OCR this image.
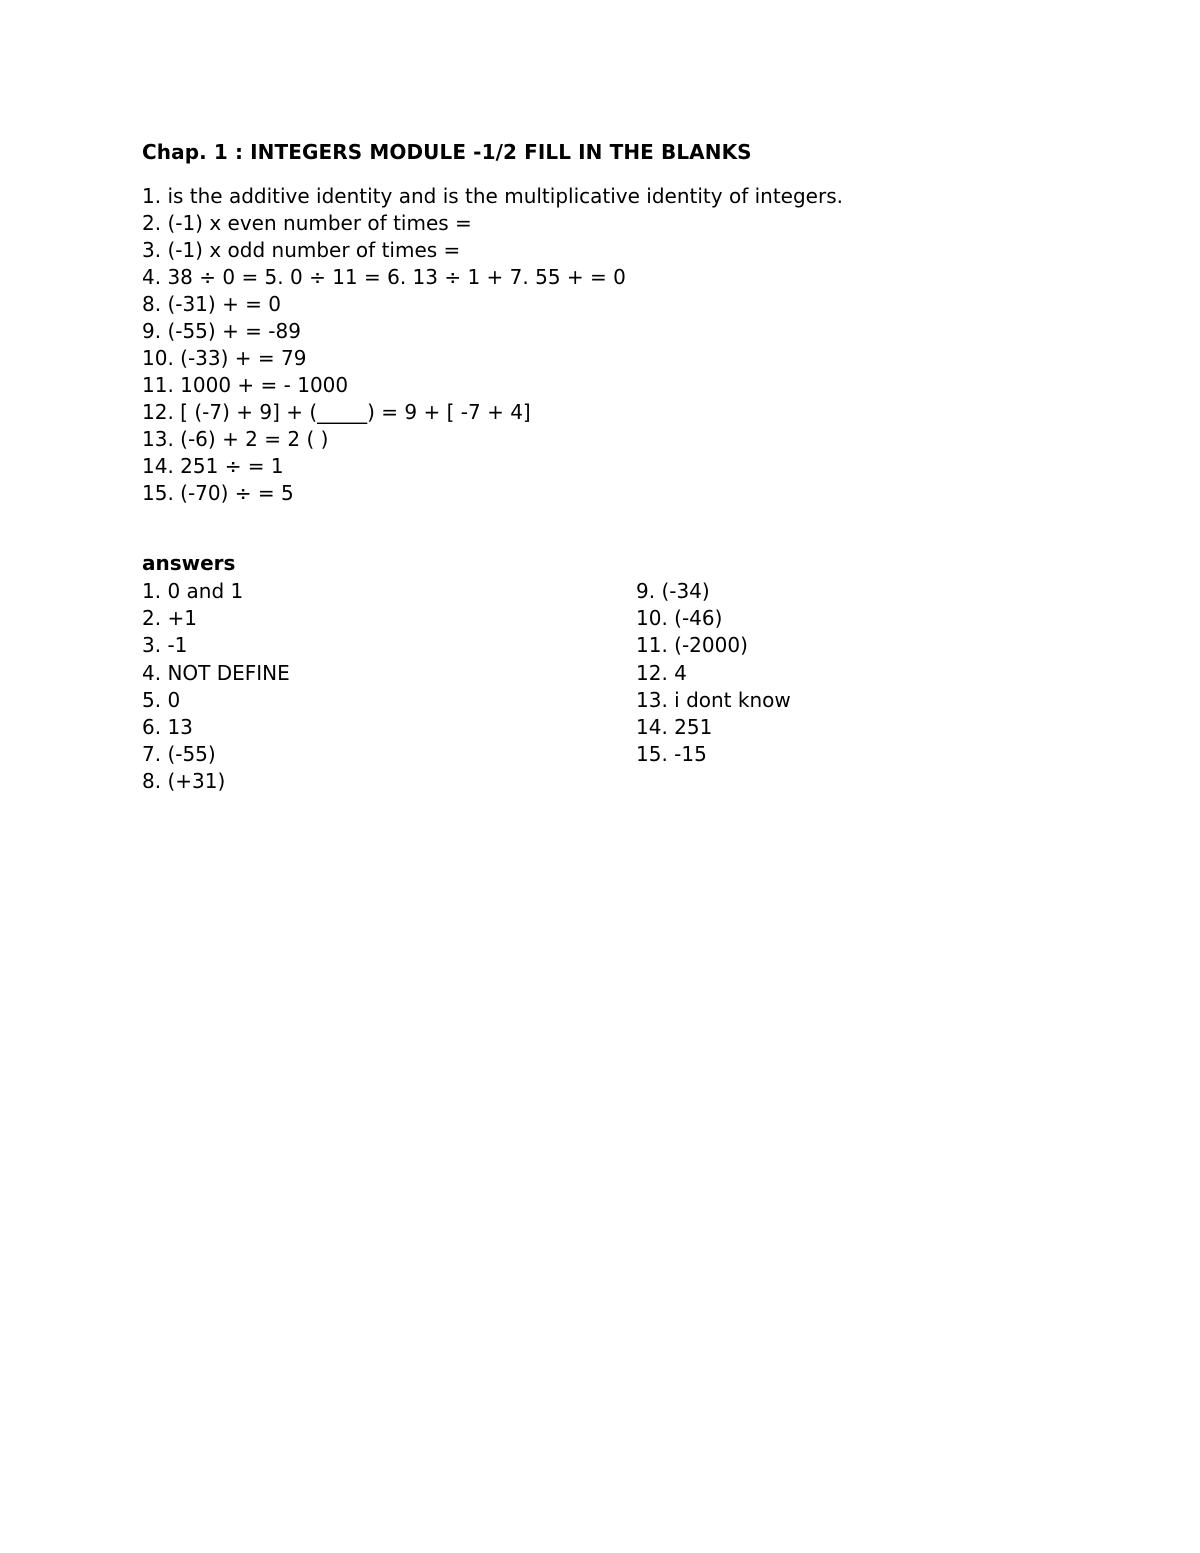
Chap. 1 : INTEGERS MODULE -1/2 FILL IN THE BLANKS
1. is the additive identity and is the multiplicative identity of integers.
2. (-1) x even number of times =
3. (-1) x odd number of times =
4. 38 ÷ 0 = 5. 0 ÷ 11 = 6. 13 ÷ 1 + 7. 55 + = 0
8. (-31) + = 0
9. (-55) + = -89
10. (-33) + = 79
11. 1000 + = - 1000
12. [ (-7) + 9] + (_____) = 9 + [ -7 + 4]
13. (-6) + 2 = 2 ( )
14. 251 ÷ = 1
15. (-70) ÷ = 5
answers
1. 0 and 1
2. +1
3. -1
4. NOT DEFINE
5. 0
6. 13
7. (-55)
8. (+31)
9. (-34)
10. (-46)
11. (-2000)
12. 4
13. i dont know
14. 251
15. -15
